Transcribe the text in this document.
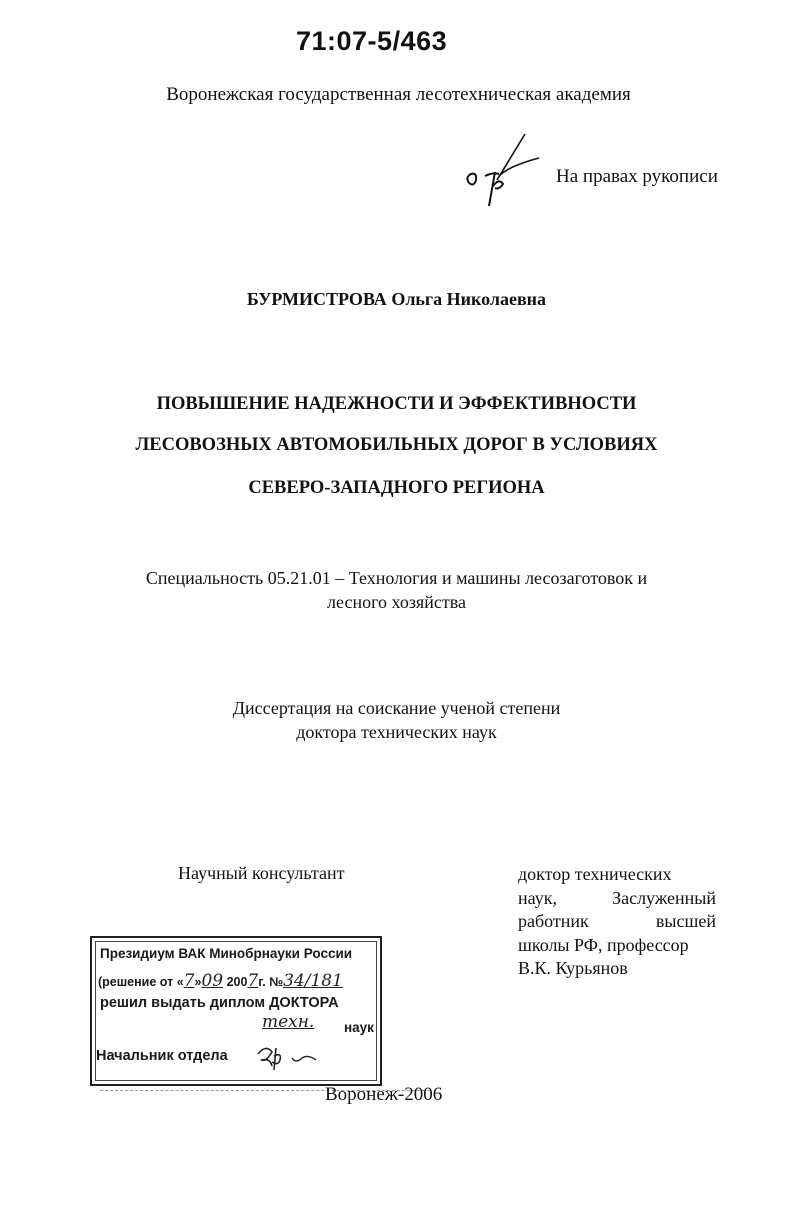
71:07-5/463
Воронежская государственная лесотехническая академия
На правах рукописи
БУРМИСТРОВА Ольга Николаевна
ПОВЫШЕНИЕ НАДЕЖНОСТИ И ЭФФЕКТИВНОСТИ
ЛЕСОВОЗНЫХ АВТОМОБИЛЬНЫХ ДОРОГ В УСЛОВИЯХ
СЕВЕРО-ЗАПАДНОГО РЕГИОНА
Специальность 05.21.01 – Технология и машины лесозаготовок и
лесного хозяйства
Диссертация на соискание ученой степени
доктора технических наук
Научный консультант	доктор технических
наук, Заслуженный
работник высшей
школы РФ, профессор
В.К. Курьянов
Президиум ВАК Минобрнауки России
(решение от «7»09 2007г. №34/181
решил выдать диплом ДОКТОРА
техн. наук
Начальник отдела
Воронеж-2006
